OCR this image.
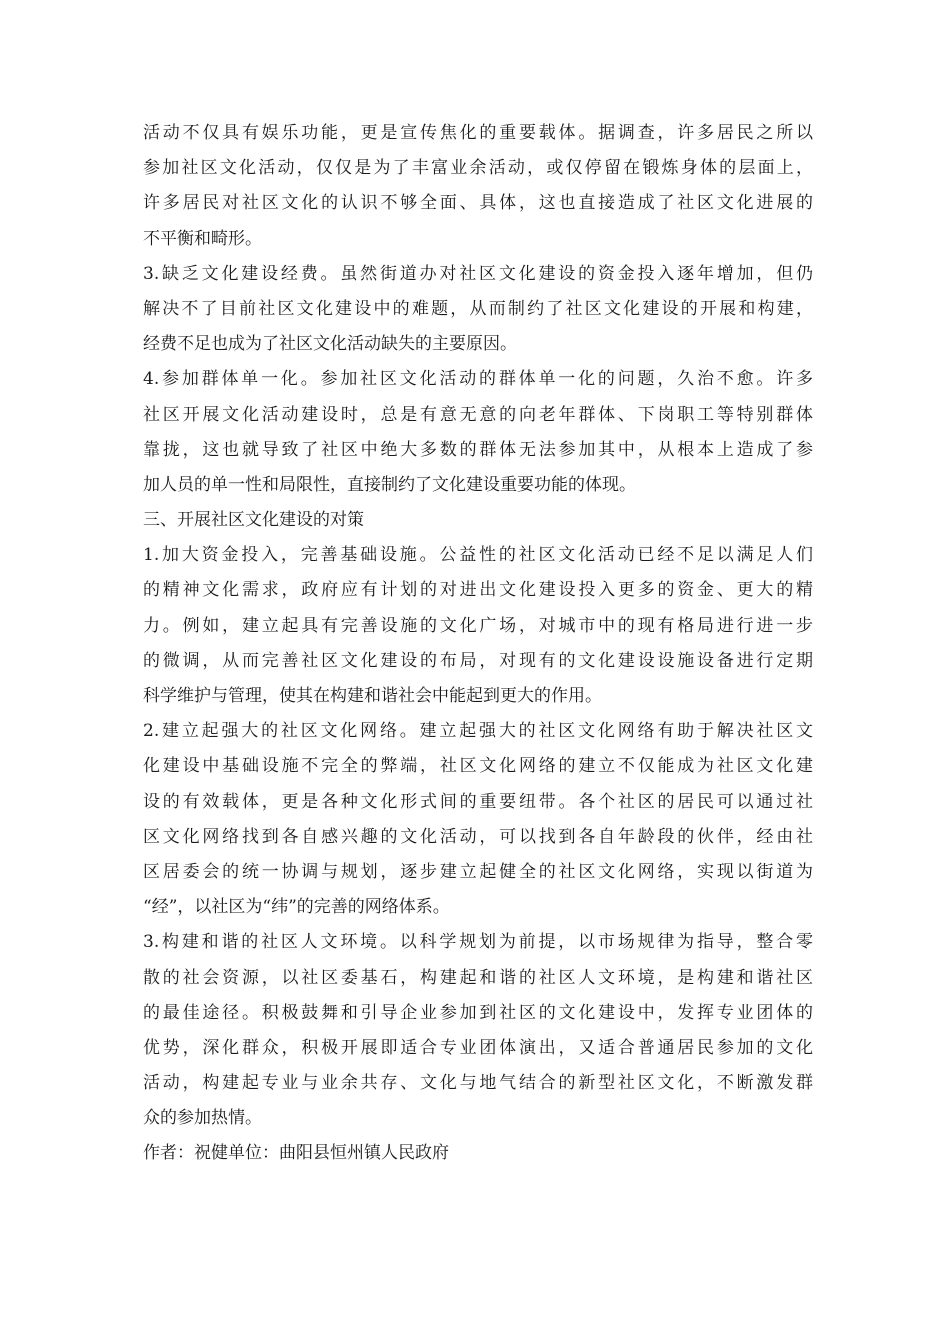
活动不仅具有娱乐功能，更是宣传焦化的重要载体。据调查，许多居民之所以
参加社区文化活动，仅仅是为了丰富业余活动，或仅停留在锻炼身体的层面上，
许多居民对社区文化的认识不够全面、具体，这也直接造成了社区文化进展的
不平衡和畸形。
3.缺乏文化建设经费。虽然街道办对社区文化建设的资金投入逐年增加，但仍
解决不了目前社区文化建设中的难题，从而制约了社区文化建设的开展和构建，
经费不足也成为了社区文化活动缺失的主要原因。
4.参加群体单一化。参加社区文化活动的群体单一化的问题，久治不愈。许多
社区开展文化活动建设时，总是有意无意的向老年群体、下岗职工等特别群体
靠拢，这也就导致了社区中绝大多数的群体无法参加其中，从根本上造成了参
加人员的单一性和局限性，直接制约了文化建设重要功能的体现。
三、开展社区文化建设的对策
1.加大资金投入，完善基础设施。公益性的社区文化活动已经不足以满足人们
的精神文化需求，政府应有计划的对进出文化建设投入更多的资金、更大的精
力。例如，建立起具有完善设施的文化广场，对城市中的现有格局进行进一步
的微调，从而完善社区文化建设的布局，对现有的文化建设设施设备进行定期
科学维护与管理，使其在构建和谐社会中能起到更大的作用。
2.建立起强大的社区文化网络。建立起强大的社区文化网络有助于解决社区文
化建设中基础设施不完全的弊端，社区文化网络的建立不仅能成为社区文化建
设的有效载体，更是各种文化形式间的重要纽带。各个社区的居民可以通过社
区文化网络找到各自感兴趣的文化活动，可以找到各自年龄段的伙伴，经由社
区居委会的统一协调与规划，逐步建立起健全的社区文化网络，实现以街道为
“经”，以社区为“纬”的完善的网络体系。
3.构建和谐的社区人文环境。以科学规划为前提，以市场规律为指导，整合零
散的社会资源，以社区委基石，构建起和谐的社区人文环境，是构建和谐社区
的最佳途径。积极鼓舞和引导企业参加到社区的文化建设中，发挥专业团体的
优势，深化群众，积极开展即适合专业团体演出，又适合普通居民参加的文化
活动，构建起专业与业余共存、文化与地气结合的新型社区文化，不断激发群
众的参加热情。
作者：祝健单位：曲阳县恒州镇人民政府
